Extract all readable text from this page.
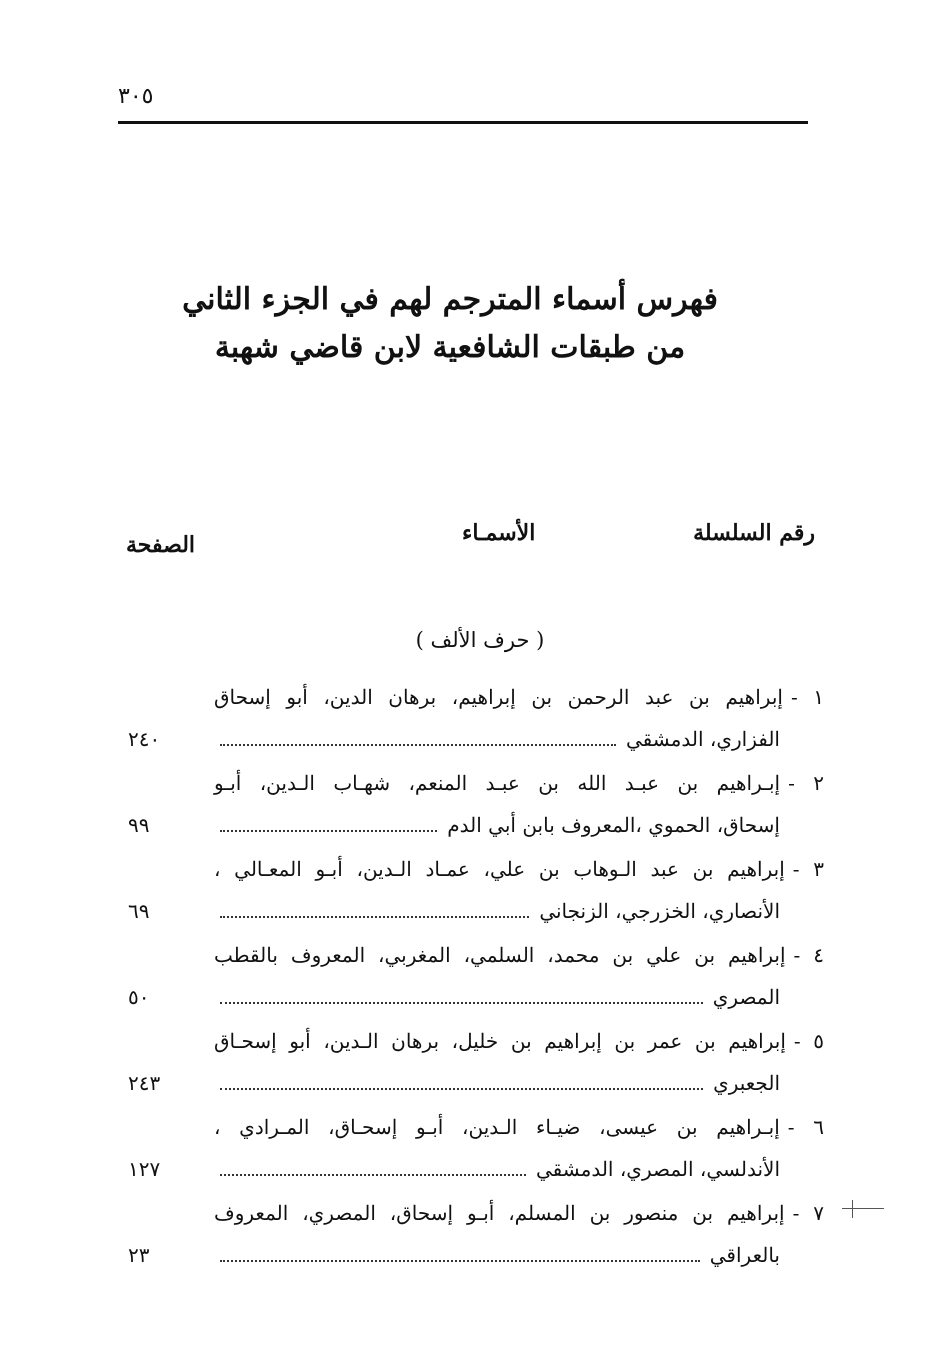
٣٠٥
فهرس أسماء المترجم لهم في الجزء الثاني
من طبقات الشافعية لابن قاضي شهبة
رقم السلسلة
الأسمـاء
الصفحة
( حرف الألف )
١ -إبراهيم بن عبد الرحمن بن إبراهيم، برهان الدين، أبو إسحاق
الفزاري، الدمشقي
٢٤٠
٢ -إبـراهيم بن عبـد الله بن عبـد المنعم، شهـاب الـدين، أبـو
إسحاق، الحموي ،المعروف بابن أبي الدم
٩٩
٣ -إبراهيم بن عبد الـوهاب بن علي، عمـاد الـدين، أبـو المعـالي ،
الأنصاري، الخزرجي، الزنجاني
٦٩
٤ -إبراهيم بن علي بن محمد، السلمي، المغربي، المعروف بالقطب
المصري
٥٠
٥ -إبراهيم بن عمر بن إبراهيم بن خليل، برهان الـدين، أبو إسحـاق
الجعبري
٢٤٣
٦ -إبـراهيم بن عيسى، ضيـاء الـدين، أبـو إسحـاق، المـرادي ،
الأندلسي، المصري، الدمشقي
١٢٧
٧ -إبراهيم بن منصور بن المسلم، أبـو إسحاق، المصري، المعروف
بالعراقي
٢٣
